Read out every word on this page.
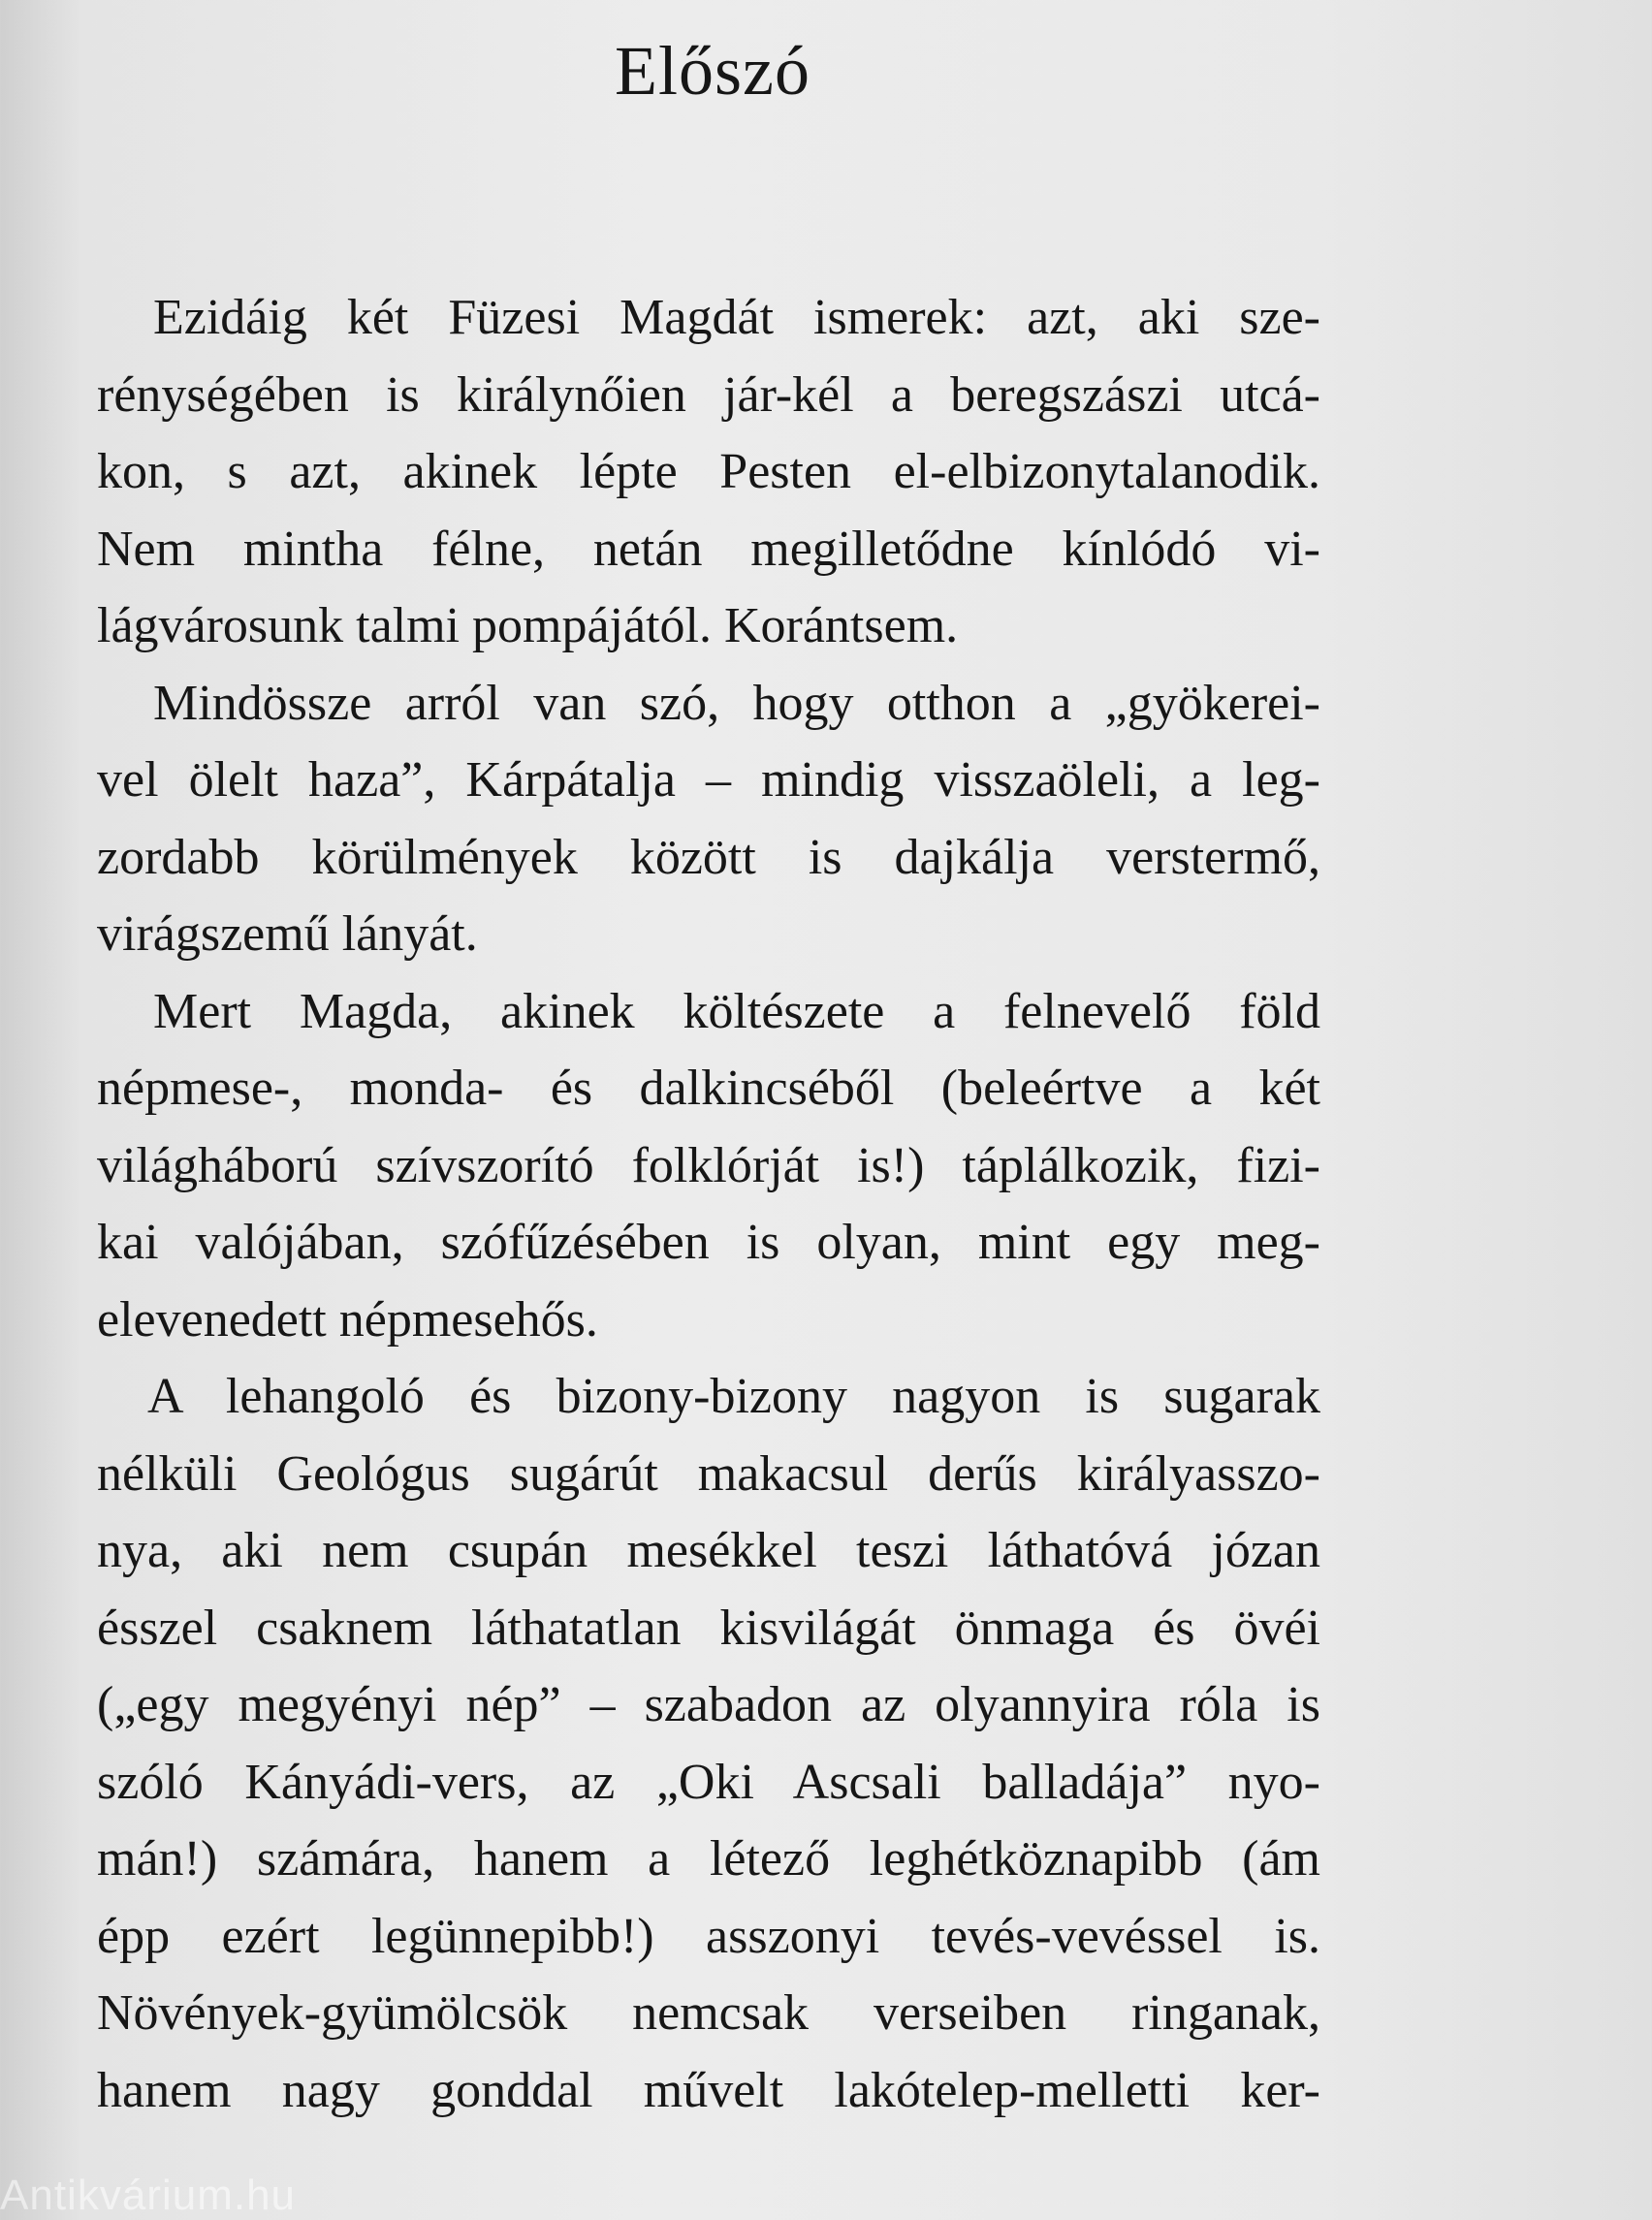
Előszó
Ezidáig két Füzesi Magdát ismerek: azt, aki sze-
rénységében is királynőien jár-kél a beregszászi utcá-
kon, s azt, akinek lépte Pesten el-elbizonytalanodik.
Nem mintha félne, netán megilletődne kínlódó vi-
lágvárosunk talmi pompájától. Korántsem.
Mindössze arról van szó, hogy otthon a „gyökerei-
vel ölelt haza”, Kárpátalja – mindig visszaöleli, a leg-
zordabb körülmények között is dajkálja verstermő,
virágszemű lányát.
Mert Magda, akinek költészete a felnevelő föld
népmese-, monda- és dalkincséből (beleértve a két
világháború szívszorító folklórját is!) táplálkozik, fizi-
kai valójában, szófűzésében is olyan, mint egy meg-
elevenedett népmesehős.
A lehangoló és bizony-bizony nagyon is sugarak
nélküli Geológus sugárút makacsul derűs királyasszo-
nya, aki nem csupán mesékkel teszi láthatóvá józan
ésszel csaknem láthatatlan kisvilágát önmaga és övéi
(„egy megyényi nép” – szabadon az olyannyira róla is
szóló Kányádi-vers, az „Oki Ascsali balladája” nyo-
mán!) számára, hanem a létező leghétköznapibb (ám
épp ezért legünnepibb!) asszonyi tevés-vevéssel is.
Növények-gyümölcsök nemcsak verseiben ringanak,
hanem nagy gonddal művelt lakótelep-melletti ker-
Antikvárium.hu
